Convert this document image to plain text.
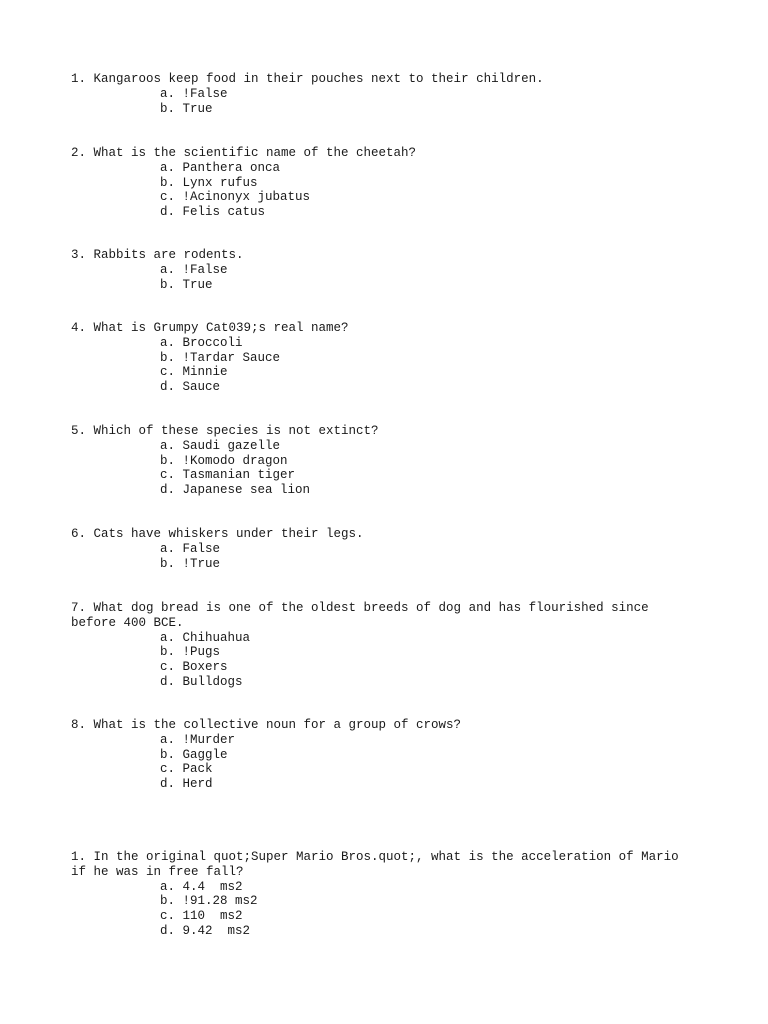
1. Kangaroos keep food in their pouches next to their children.

a. !False
b. True

2. What is the scientific name of the cheetah?

a. Panthera onca
b. Lynx rufus
c. !Acinonyx jubatus
d. Felis catus

3. Rabbits are rodents.

a. !False
b. True

4. What is Grumpy Cat039;s real name?

a. Broccoli
b. !Tardar Sauce
c. Minnie
d. Sauce

5. Which of these species is not extinct?

a. Saudi gazelle
b. !Komodo dragon
c. Tasmanian tiger
d. Japanese sea lion

6. Cats have whiskers under their legs.

a. False
b. !True

7. What dog bread is one of the oldest breeds of dog and has flourished since before 400 BCE.

a. Chihuahua
b. !Pugs
c. Boxers
d. Bulldogs

8. What is the collective noun for a group of crows?

a. !Murder
b. Gaggle
c. Pack
d. Herd

1. In the original quot;Super Mario Bros.quot;, what is the acceleration of Mario if he was in free fall?

a. 4.4  ms2
b. !91.28 ms2
c. 110  ms2
d. 9.42  ms2
